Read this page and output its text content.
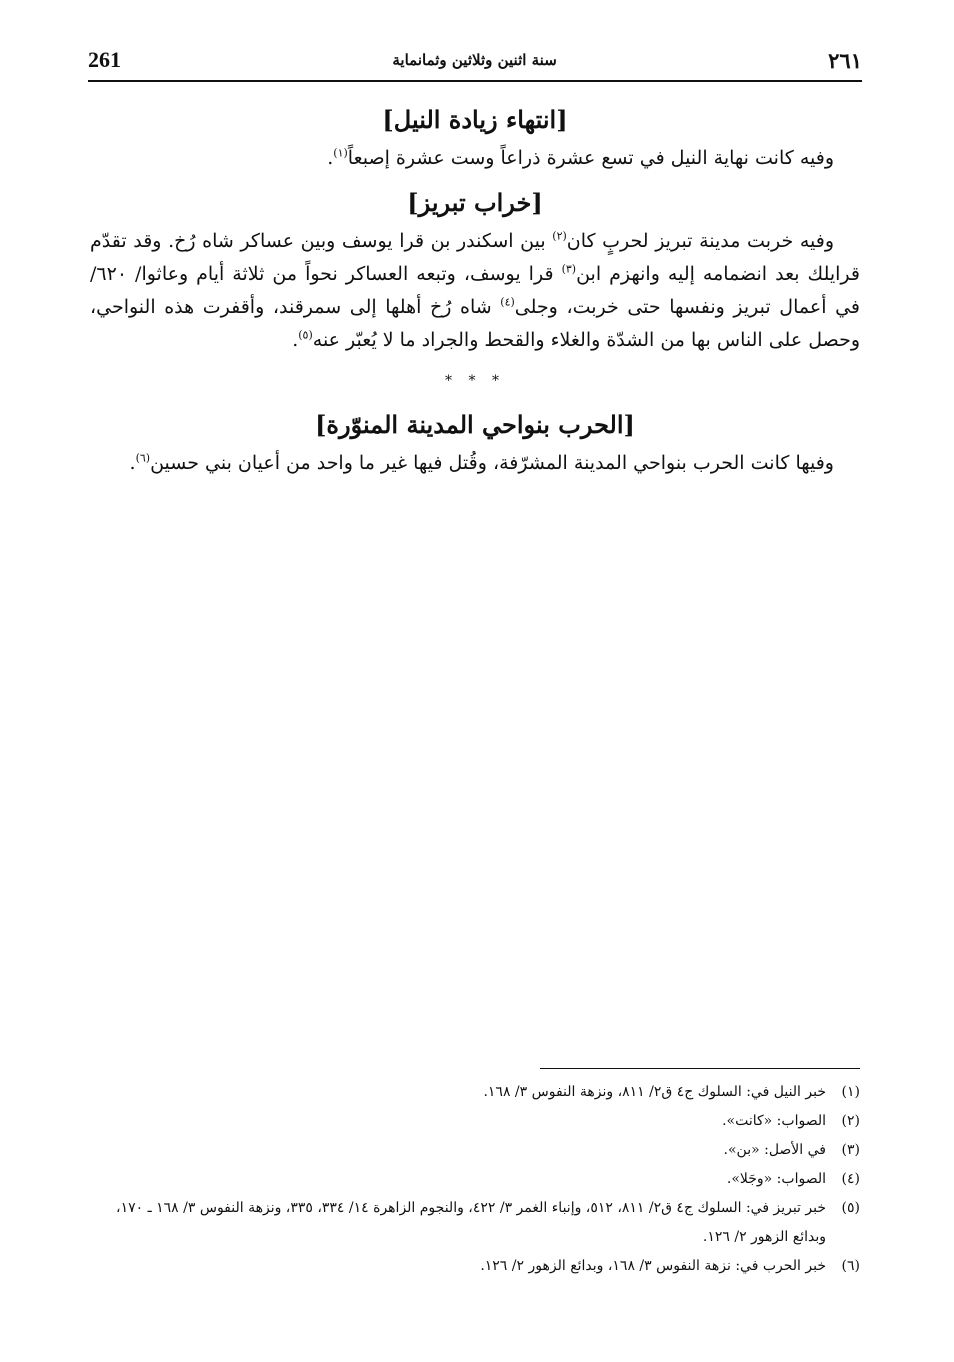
261	سنة اثنين وثلاثين وثمانماية	٢٦١
[انتهاء زيادة النيل]

وفيه كانت نهاية النيل في تسع عشرة ذراعاً وست عشرة إصبعاً$^{(١)}$.

[خراب تبريز]

وفيه خربت مدينة تبريز لحربٍ كان$^{(٢)}$ بين اسكندر بن قرا يوسف وبين عساكر شاه رُخ. وقد تقدّم قرايلك بعد انضمامه إليه وانهزم ابن$^{(٣)}$ قرا يوسف، وتبعه العساكر نحواً من ثلاثة أيام وعاثوا/ ٦٢٠/ في أعمال تبريز ونفسها حتى خربت، وجلى$^{(٤)}$ شاه رُخ أهلها إلى سمرقند، وأقفرت هذه النواحي، وحصل على الناس بها من الشدّة والغلاء والقحط والجراد ما لا يُعبّر عنه$^{(٥)}$.

* * *
[الحرب بنواحي المدينة المنوّرة]

وفيها كانت الحرب بنواحي المدينة المشرّفة، وقُتل فيها غير ما واحد من أعيان بني حسين$^{(٦)}$.

(١)
خبر النيل في: السلوك ج٤ ق٢/ ٨١١، ونزهة النفوس ٣/ ١٦٨.
(٢)
الصواب: «كانت».
(٣)
في الأصل: «بن».
(٤)
الصواب: «وجَلا».
(٥)
خبر تبريز في: السلوك ج٤ ق٢/ ٨١١، ٥١٢، وإنباء الغمر ٣/ ٤٢٢، والنجوم الزاهرة ١٤/ ٣٣٤، ٣٣٥، ونزهة النفوس ٣/ ١٦٨ ـ ١٧٠، وبدائع الزهور ٢/ ١٢٦.
(٦)
خبر الحرب في: نزهة النفوس ٣/ ١٦٨، وبدائع الزهور ٢/ ١٢٦.
